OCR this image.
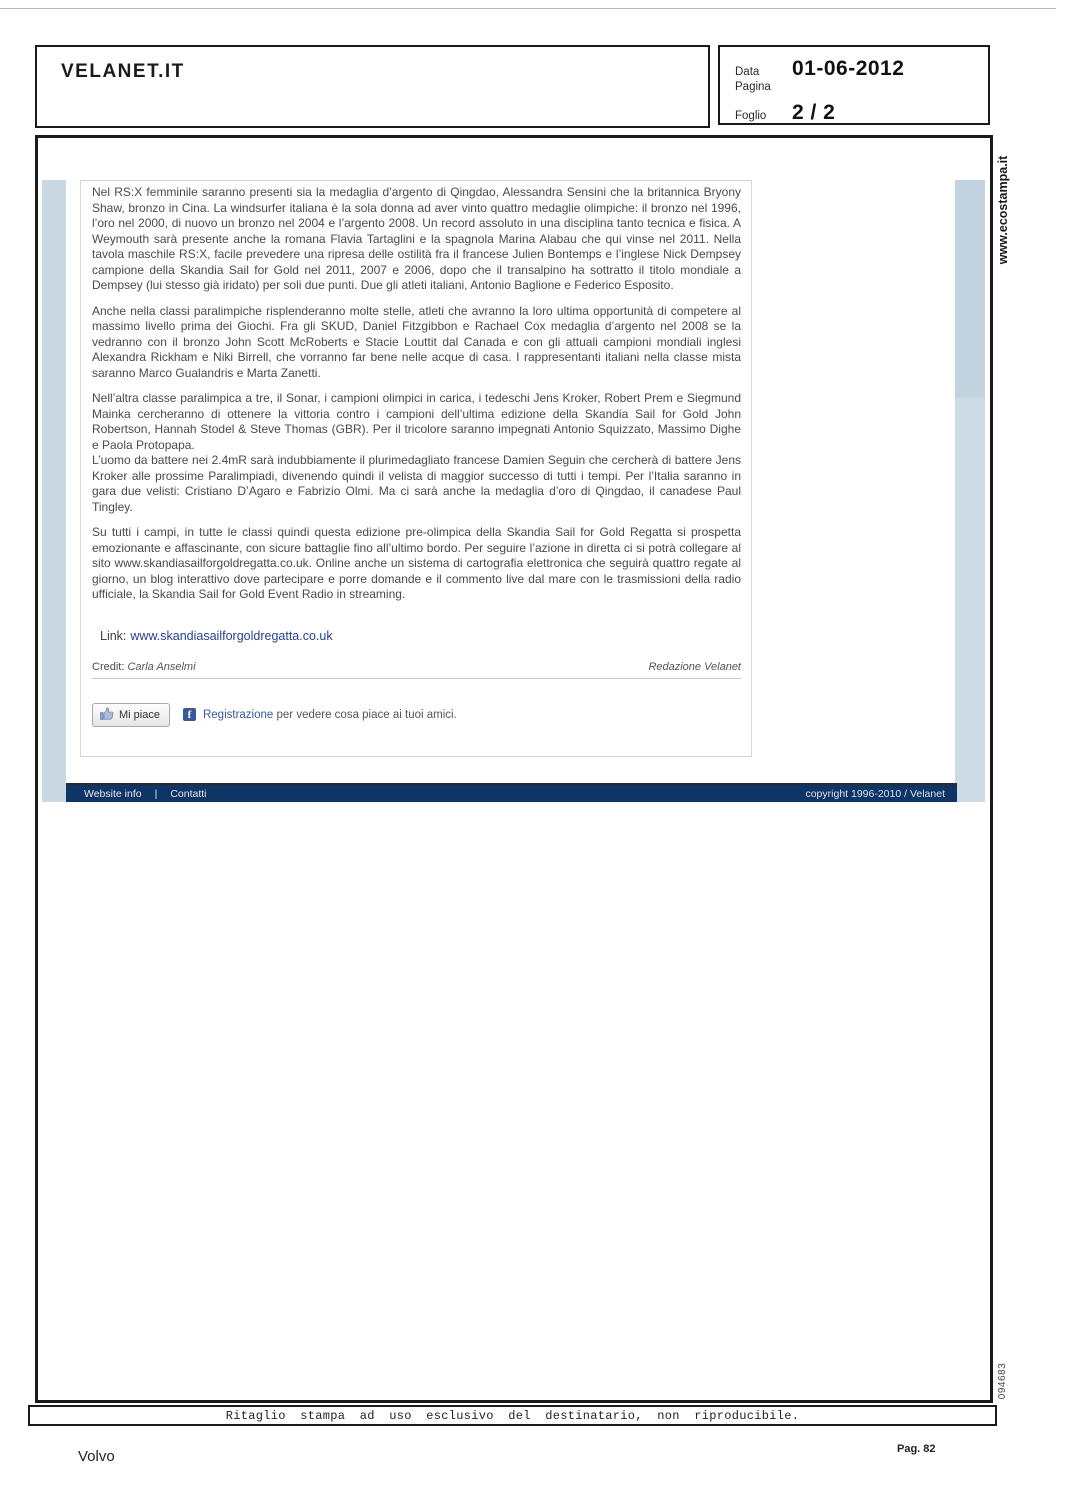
VELANET.IT	Data	01-06-2012
Pagina
Foglio	2 / 2

Nel RS:X femminile saranno presenti sia la medaglia d’argento di Qingdao, Alessandra Sensini che la britannica Bryony Shaw, bronzo in Cina. La windsurfer italiana è la sola donna ad aver vinto quattro medaglie olimpiche: il bronzo nel 1996, l’oro nel 2000, di nuovo un bronzo nel 2004 e l’argento 2008. Un record assoluto in una disciplina tanto tecnica e fisica. A Weymouth sarà presente anche la romana Flavia Tartaglini e la spagnola Marina Alabau che qui vinse nel 2011. Nella tavola maschile RS:X, facile prevedere una ripresa delle ostilità fra il francese Julien Bontemps e l’inglese Nick Dempsey campione della Skandia Sail for Gold nel 2011, 2007 e 2006, dopo che il transalpino ha sottratto il titolo mondiale a Dempsey (lui stesso già iridato) per soli due punti. Due gli atleti italiani, Antonio Baglione e Federico Esposito.

Anche nella classi paralimpiche risplenderanno molte stelle, atleti che avranno la loro ultima opportunità di competere al massimo livello prima dei Giochi. Fra gli SKUD, Daniel Fitzgibbon e Rachael Cox medaglia d’argento nel 2008 se la vedranno con il bronzo John Scott McRoberts e Stacie Louttit dal Canada e con gli attuali campioni mondiali inglesi Alexandra Rickham e Niki Birrell, che vorranno far bene nelle acque di casa. I rappresentanti italiani nella classe mista saranno Marco Gualandris e Marta Zanetti.

Nell’altra classe paralimpica a tre, il Sonar, i campioni olimpici in carica, i tedeschi Jens Kroker, Robert Prem e Siegmund Mainka cercheranno di ottenere la vittoria contro i campioni dell’ultima edizione della Skandia Sail for Gold John Robertson, Hannah Stodel & Steve Thomas (GBR). Per il tricolore saranno impegnati Antonio Squizzato, Massimo Dighe e Paola Protopapa.

L’uomo da battere nei 2.4mR sarà indubbiamente il plurimedagliato francese Damien Seguin che cercherà di battere Jens Kroker alle prossime Paralimpiadi, divenendo quindi il velista di maggior successo di tutti i tempi. Per l’Italia saranno in gara due velisti: Cristiano D’Agaro e Fabrizio Olmi. Ma ci sarà anche la medaglia d’oro di Qingdao, il canadese Paul Tingley.

Su tutti i campi, in tutte le classi quindi questa edizione pre-olimpica della Skandia Sail for Gold Regatta si prospetta emozionante e affascinante, con sicure battaglie fino all’ultimo bordo. Per seguire l’azione in diretta ci si potrà collegare al sito www.skandiasailforgoldregatta.co.uk. Online anche un sistema di cartografia elettronica che seguirà quattro regate al giorno, un blog interattivo dove partecipare e porre domande e il commento live dal mare con le trasmissioni della radio ufficiale, la Skandia Sail for Gold Event Radio in streaming.

Link: www.skandiasailforgoldregatta.co.uk
Credit: Carla Anselmi	Redazione Velanet
Mi piace	f	Registrazione per vedere cosa piace ai tuoi amici.
Website info | Contatti	copyright 1996-2010 / Velanet
www.ecostampa.it
094683
Ritaglio stampa ad uso esclusivo del destinatario, non riproducibile.
Volvo	Pag. 82
